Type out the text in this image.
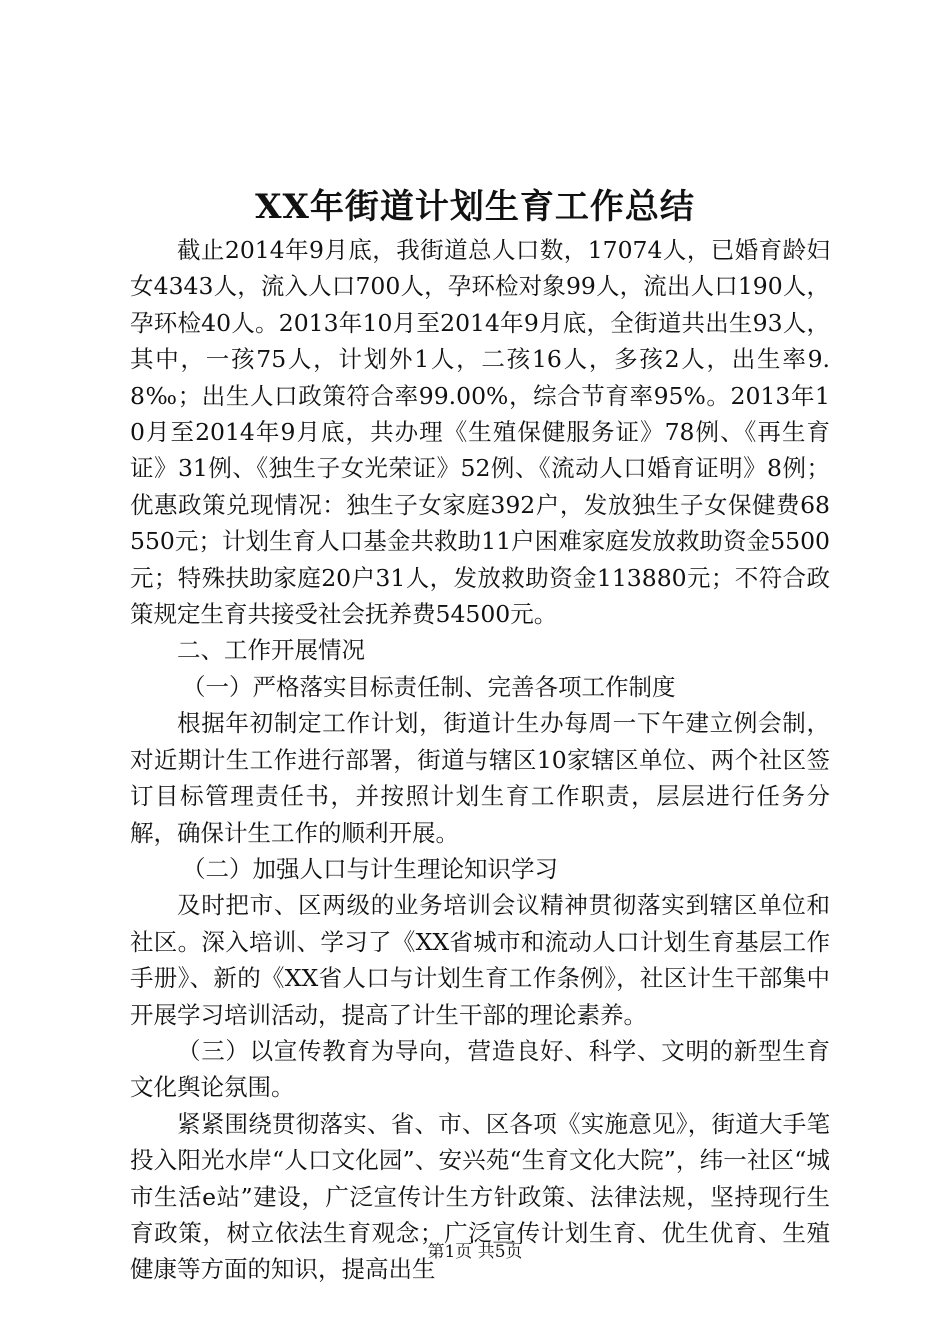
XX年街道计划生育工作总结

截止2014年9月底，我街道总人口数，17074人，已婚育龄妇女4343人，流入人口700人，孕环检对象99人，流出人口190人，孕环检40人。2013年10月至2014年9月底，全街道共出生93人，其中，一孩75人，计划外1人，二孩16人，多孩2人，出生率9.8‰；出生人口政策符合率99.00%，综合节育率95%。2013年10月至2014年9月底，共办理《生殖保健服务证》78例、《再生育证》31例、《独生子女光荣证》52例、《流动人口婚育证明》8例；优惠政策兑现情况：独生子女家庭392户，发放独生子女保健费68550元；计划生育人口基金共救助11户困难家庭发放救助资金5500元；特殊扶助家庭20户31人，发放救助资金113880元；不符合政策规定生育共接受社会抚养费54500元。

二、工作开展情况

（一）严格落实目标责任制、完善各项工作制度

根据年初制定工作计划，街道计生办每周一下午建立例会制，对近期计生工作进行部署，街道与辖区10家辖区单位、两个社区签订目标管理责任书，并按照计划生育工作职责，层层进行任务分解，确保计生工作的顺利开展。

（二）加强人口与计生理论知识学习

及时把市、区两级的业务培训会议精神贯彻落实到辖区单位和社区。深入培训、学习了《XX省城市和流动人口计划生育基层工作手册》、新的《XX省人口与计划生育工作条例》，社区计生干部集中开展学习培训活动，提高了计生干部的理论素养。

（三）以宣传教育为导向，营造良好、科学、文明的新型生育文化舆论氛围。

紧紧围绕贯彻落实、省、市、区各项《实施意见》，街道大手笔投入阳光水岸“人口文化园”、安兴苑“生育文化大院”，纬一社区“城市生活e站”建设，广泛宣传计生方针政策、法律法规，坚持现行生育政策，树立依法生育观念；广泛宣传计划生育、优生优育、生殖健康等方面的知识，提高出生

第1页 共5页
